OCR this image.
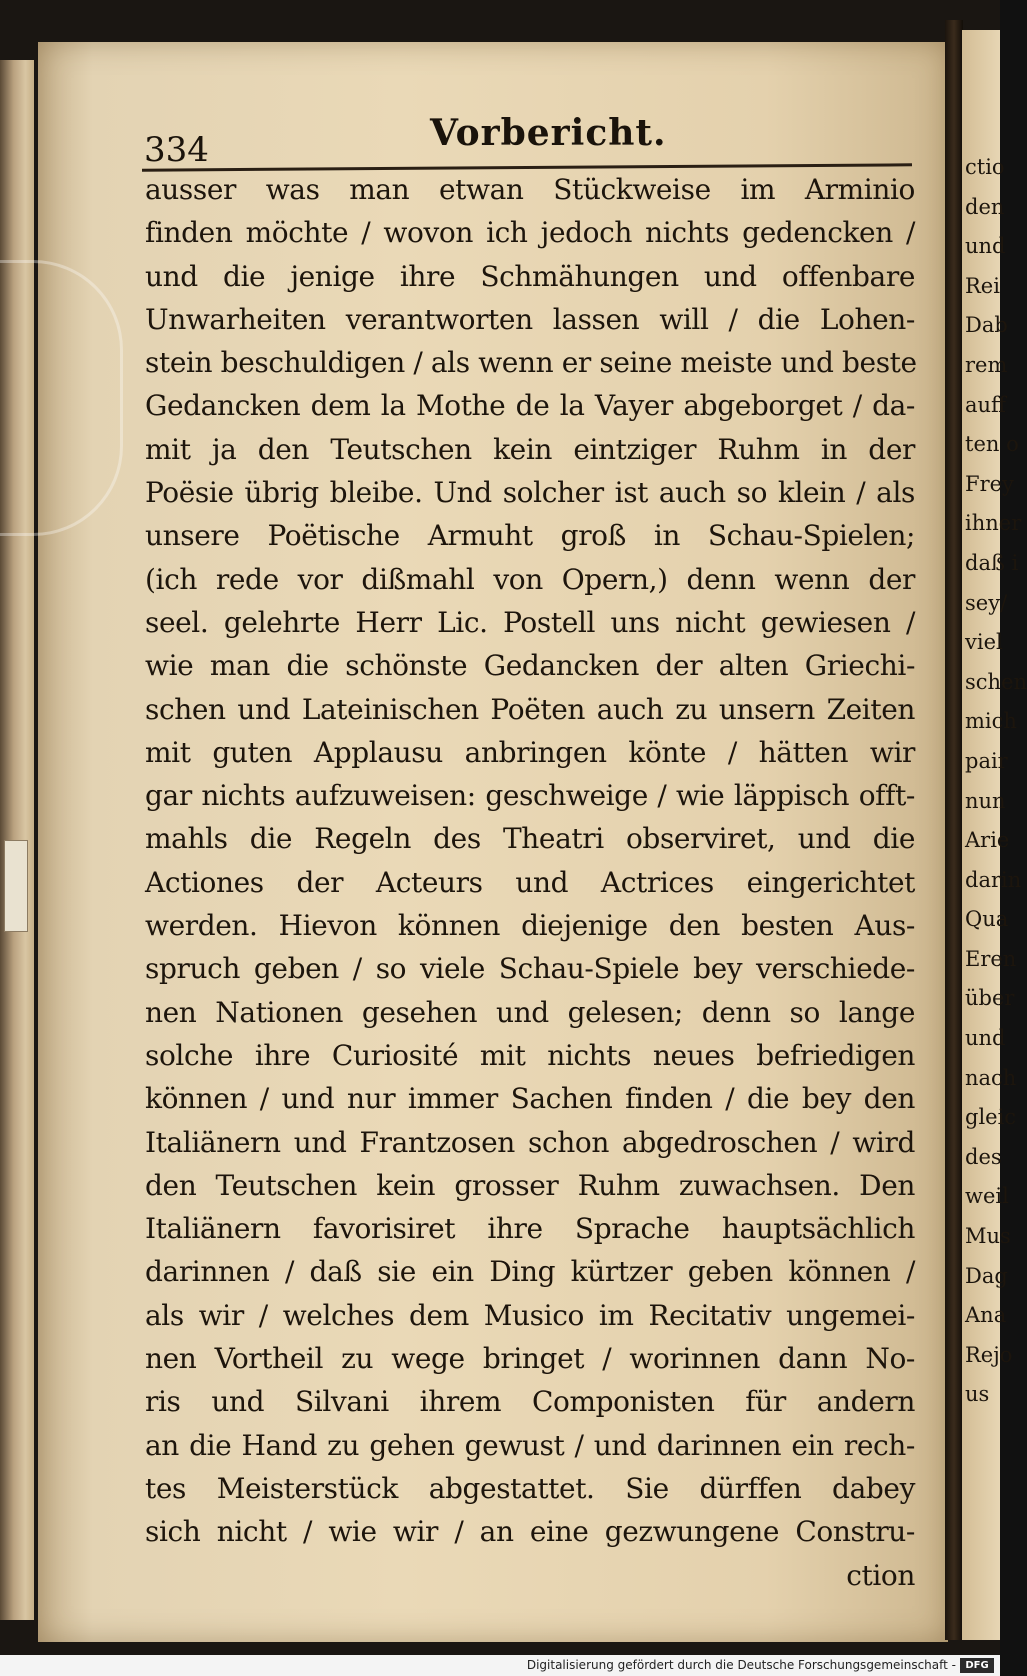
334	Vorbericht.
ausser was man etwan Stückweise im Arminio
finden möchte / wovon ich jedoch nichts gedencken /
und die jenige ihre Schmähungen und offenbare
Unwarheiten verantworten lassen will / die Lohen-
stein beschuldigen / als wenn er seine meiste und beste
Gedancken dem la Mothe de la Vayer abgeborget / da-
mit ja den Teutschen kein eintziger Ruhm in der
Poësie übrig bleibe. Und solcher ist auch so klein / als
unsere Poëtische Armuht groß in Schau-Spielen;
(ich rede vor dißmahl von Opern,) denn wenn der
seel. gelehrte Herr Lic. Postell uns nicht gewiesen /
wie man die schönste Gedancken der alten Griechi-
schen und Lateinischen Poëten auch zu unsern Zeiten
mit guten Applausu anbringen könte / hätten wir
gar nichts aufzuweisen: geschweige / wie läppisch offt-
mahls die Regeln des Theatri observiret, und die
Actiones der Acteurs und Actrices eingerichtet
werden. Hievon können diejenige den besten Aus-
spruch geben / so viele Schau-Spiele bey verschiede-
nen Nationen gesehen und gelesen; denn so lange
solche ihre Curiosité mit nichts neues befriedigen
können / und nur immer Sachen finden / die bey den
Italiänern und Frantzosen schon abgedroschen / wird
den Teutschen kein grosser Ruhm zuwachsen. Den
Italiänern favorisiret ihre Sprache hauptsächlich
darinnen / daß sie ein Ding kürtzer geben können /
als wir / welches dem Musico im Recitativ ungemei-
nen Vortheil zu wege bringet / worinnen dann No-
ris und Silvani ihrem Componisten für andern
an die Hand zu gehen gewust / und darinnen ein rech-
tes Meisterstück abgestattet. Sie dürffen dabey
sich nicht / wie wir / an eine gezwungene Constru-
ction
ctio
den
und
Rei
Dab
rem
auff
ten o
Frey
ihner
daß i
sey/
viel
schen
mich
pair
nun
Arie
darin
Qua
Eren
über
und
nach
gleic
des
weil
Mus
Dag
Ana
Rejo
us
Digitalisierung gefördert durch die Deutsche Forschungsgemeinschaft - DFG
